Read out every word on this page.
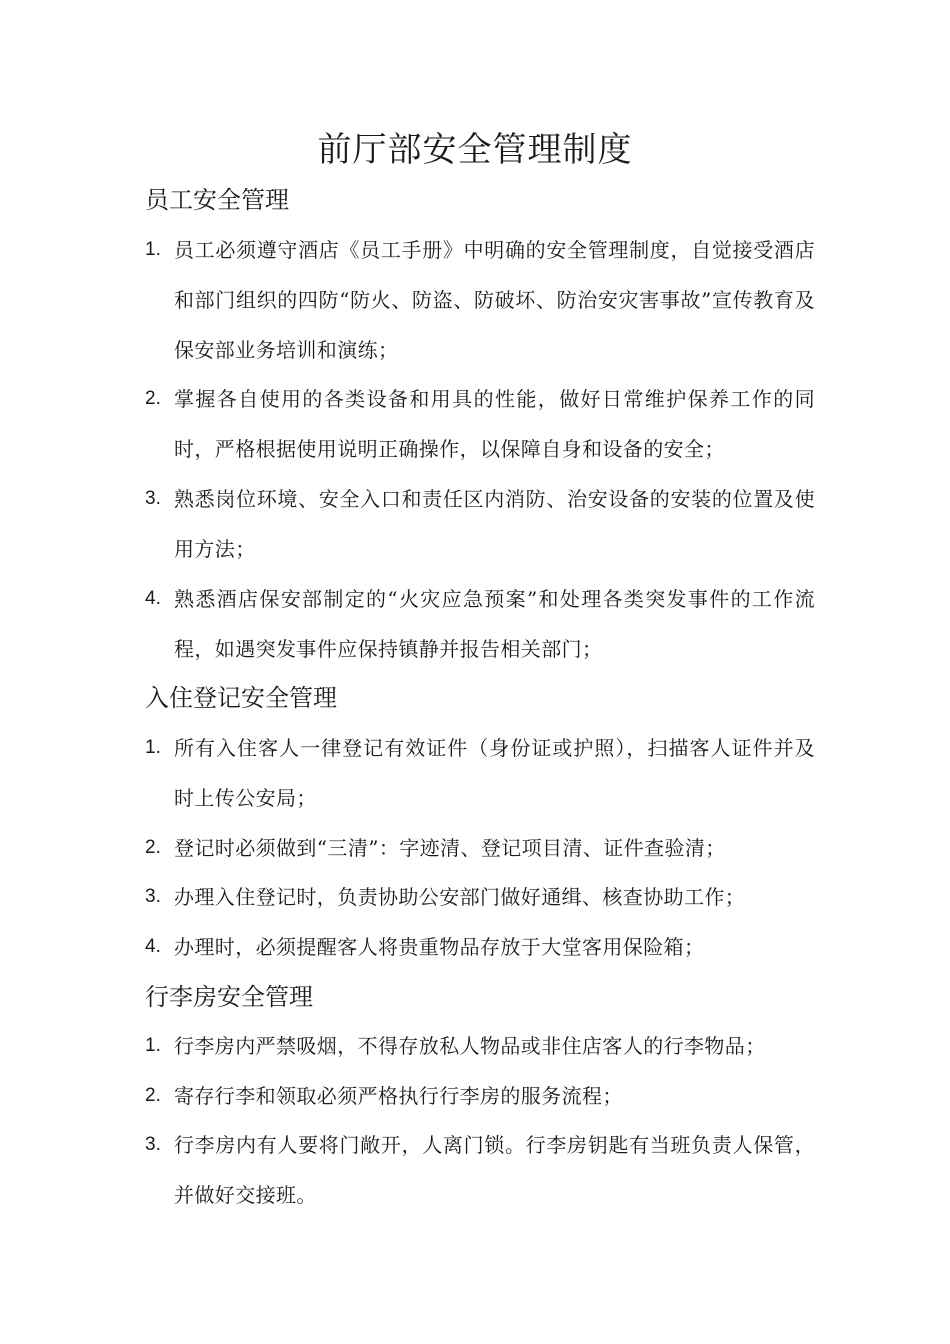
前厅部安全管理制度
员工安全管理
1. 员工必须遵守酒店《员工手册》中明确的安全管理制度，自觉接受酒店和部门组织的四防“防火、防盗、防破坏、防治安灾害事故”宣传教育及保安部业务培训和演练；
2. 掌握各自使用的各类设备和用具的性能，做好日常维护保养工作的同时，严格根据使用说明正确操作，以保障自身和设备的安全；
3. 熟悉岗位环境、安全入口和责任区内消防、治安设备的安装的位置及使用方法；
4. 熟悉酒店保安部制定的“火灾应急预案”和处理各类突发事件的工作流程，如遇突发事件应保持镇静并报告相关部门；
入住登记安全管理
1. 所有入住客人一律登记有效证件（身份证或护照），扫描客人证件并及时上传公安局；
2. 登记时必须做到“三清”：字迹清、登记项目清、证件查验清；
3. 办理入住登记时，负责协助公安部门做好通缉、核查协助工作；
4. 办理时，必须提醒客人将贵重物品存放于大堂客用保险箱；
行李房安全管理
1. 行李房内严禁吸烟，不得存放私人物品或非住店客人的行李物品；
2. 寄存行李和领取必须严格执行行李房的服务流程；
3. 行李房内有人要将门敞开，人离门锁。行李房钥匙有当班负责人保管，并做好交接班。
